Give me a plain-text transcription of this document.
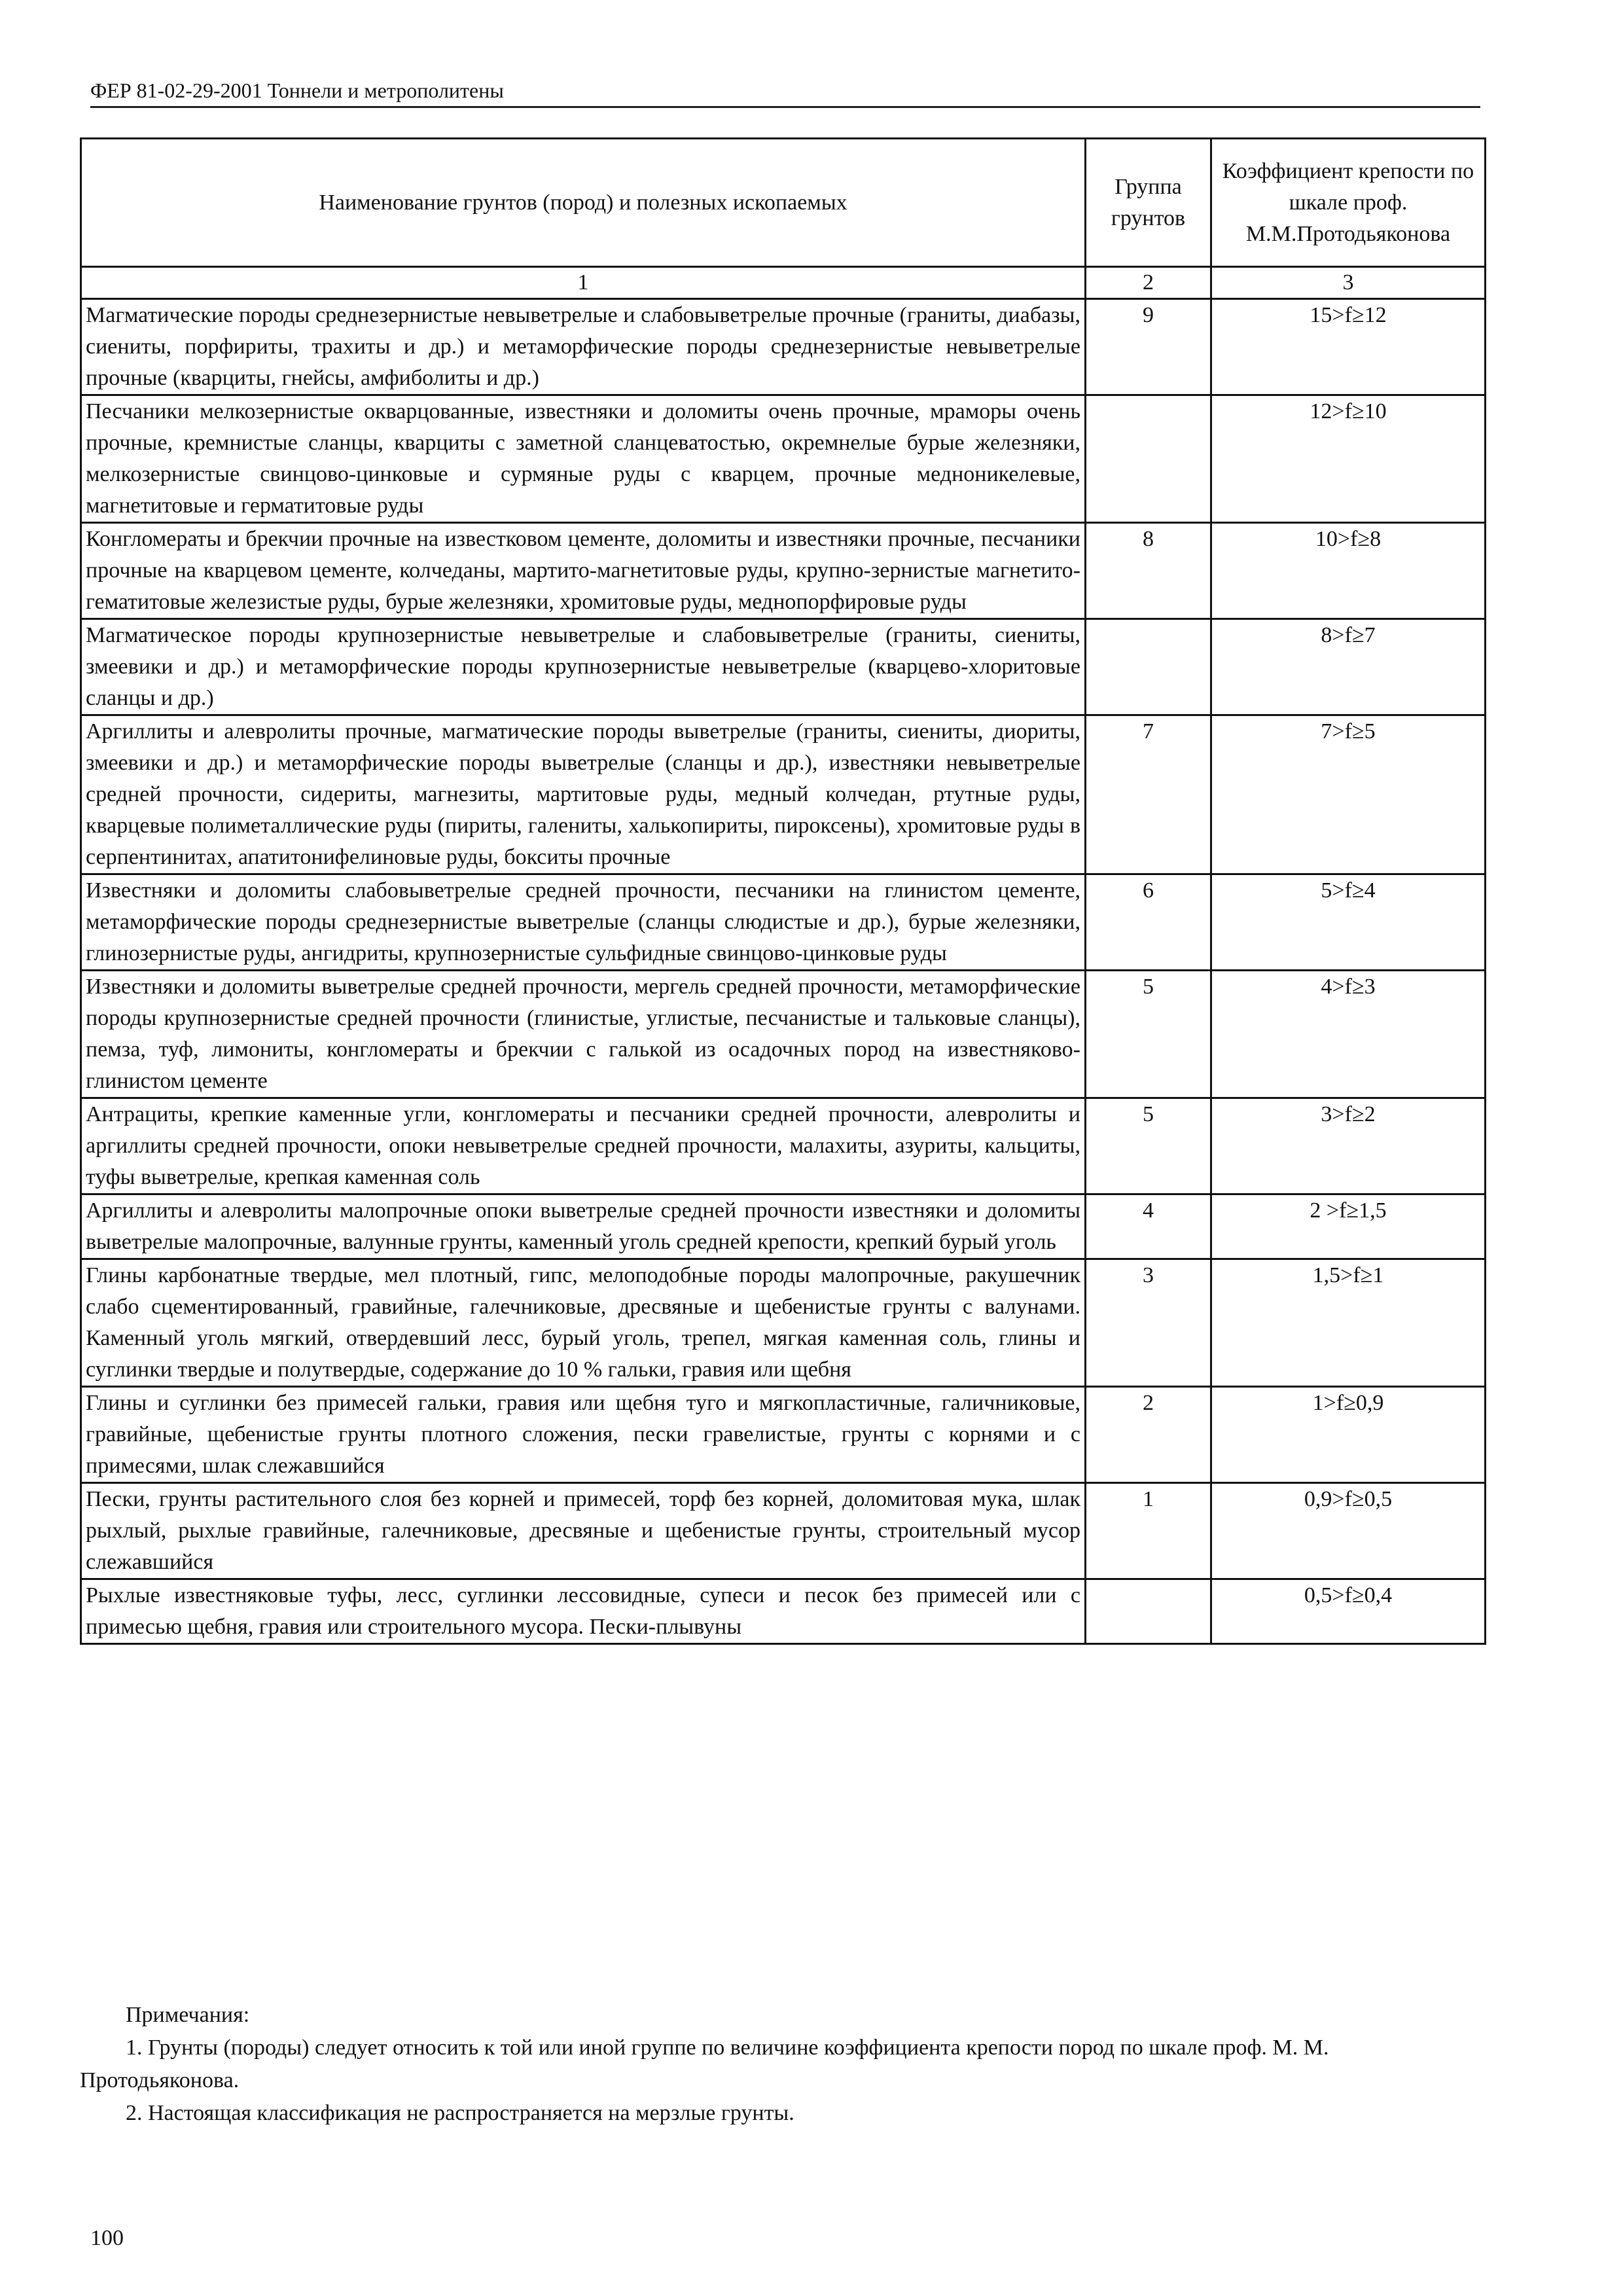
ФЕР 81-02-29-2001 Тоннели и метрополитены
Наименование грунтов (пород) и полезных ископаемых	Группа грунтов	Коэффициент крепости по шкале проф. М.М.Протодьяконова
1	2	3
Магматические породы среднезернистые невыветрелые и слабовыветрелые прочные (граниты, диабазы, сиениты, порфириты, трахиты и др.) и метаморфические породы среднезернистые невыветрелые прочные (кварциты, гнейсы, амфиболиты и др.)	9	15>f≥12
Песчаники мелкозернистые окварцованные, известняки и доломиты очень прочные, мраморы очень прочные, кремнистые сланцы, кварциты с заметной сланцеватостью, окремнелые бурые железняки, мелкозернистые свинцово-цинковые и сурмяные руды с кварцем, прочные медноникелевые, магнетитовые и герматитовые руды		12>f≥10
Конгломераты и брекчии прочные на известковом цементе, доломиты и известняки прочные, песчаники прочные на кварцевом цементе, колчеданы, мартито-магнетитовые руды, крупно-зернистые магнетито-гематитовые железистые руды, бурые железняки, хромитовые руды, меднопорфировые руды	8	10>f≥8
Магматическое породы крупнозернистые невыветрелые и слабовыветрелые (граниты, сиениты, змеевики и др.) и метаморфические породы крупнозернистые невыветрелые (кварцево-хлоритовые сланцы и др.)		8>f≥7
Аргиллиты и алевролиты прочные, магматические породы выветрелые (граниты, сиениты, диориты, змеевики и др.) и метаморфические породы выветрелые (сланцы и др.), известняки невыветрелые средней прочности, сидериты, магнезиты, мартитовые руды, медный колчедан, ртутные руды, кварцевые полиметаллические руды (пириты, галениты, халькопириты, пироксены), хромитовые руды в серпентинитах, апатитонифелиновые руды, бокситы прочные	7	7>f≥5
Известняки и доломиты слабовыветрелые средней прочности, песчаники на глинистом цементе, метаморфические породы среднезернистые выветрелые (сланцы слюдистые и др.), бурые железняки, глинозернистые руды, ангидриты, крупнозернистые сульфидные свинцово-цинковые руды	6	5>f≥4
Известняки и доломиты выветрелые средней прочности, мергель средней прочности, метаморфические породы крупнозернистые средней прочности (глинистые, углистые, песчанистые и тальковые сланцы), пемза, туф, лимониты, конгломераты и брекчии с галькой из осадочных пород на известняково-глинистом цементе	5	4>f≥3
Антрациты, крепкие каменные угли, конгломераты и песчаники средней прочности, алевролиты и аргиллиты средней прочности, опоки невыветрелые средней прочности, малахиты, азуриты, кальциты, туфы выветрелые, крепкая каменная соль	5	3>f≥2
Аргиллиты и алевролиты малопрочные опоки выветрелые средней прочности известняки и доломиты выветрелые малопрочные, валунные грунты, каменный уголь средней крепости, крепкий бурый уголь	4	2 >f≥1,5
Глины карбонатные твердые, мел плотный, гипс, мелоподобные породы малопрочные, ракушечник слабо сцементированный, гравийные, галечниковые, дресвяные и щебенистые грунты с валунами. Каменный уголь мягкий, отвердевший лесс, бурый уголь, трепел, мягкая каменная соль, глины и суглинки твердые и полутвердые, содержание до 10 % гальки, гравия или щебня	3	1,5>f≥1
Глины и суглинки без примесей гальки, гравия или щебня туго и мягкопластичные, галичниковые, гравийные, щебенистые грунты плотного сложения, пески гравелистые, грунты с корнями и с примесями, шлак слежавшийся	2	1>f≥0,9
Пески, грунты растительного слоя без корней и примесей, торф без корней, доломитовая мука, шлак рыхлый, рыхлые гравийные, галечниковые, дресвяные и щебенистые грунты, строительный мусор слежавшийся	1	0,9>f≥0,5
Рыхлые известняковые туфы, лесс, суглинки лессовидные, супеси и песок без примесей или с примесью щебня, гравия или строительного мусора. Пески-плывуны		0,5>f≥0,4

Примечания:

1. Грунты (породы) следует относить к той или иной группе по величине коэффициента крепости пород по шкале проф. М. М. Протодьяконова.

2. Настоящая классификация не распространяется на мерзлые грунты.

100
